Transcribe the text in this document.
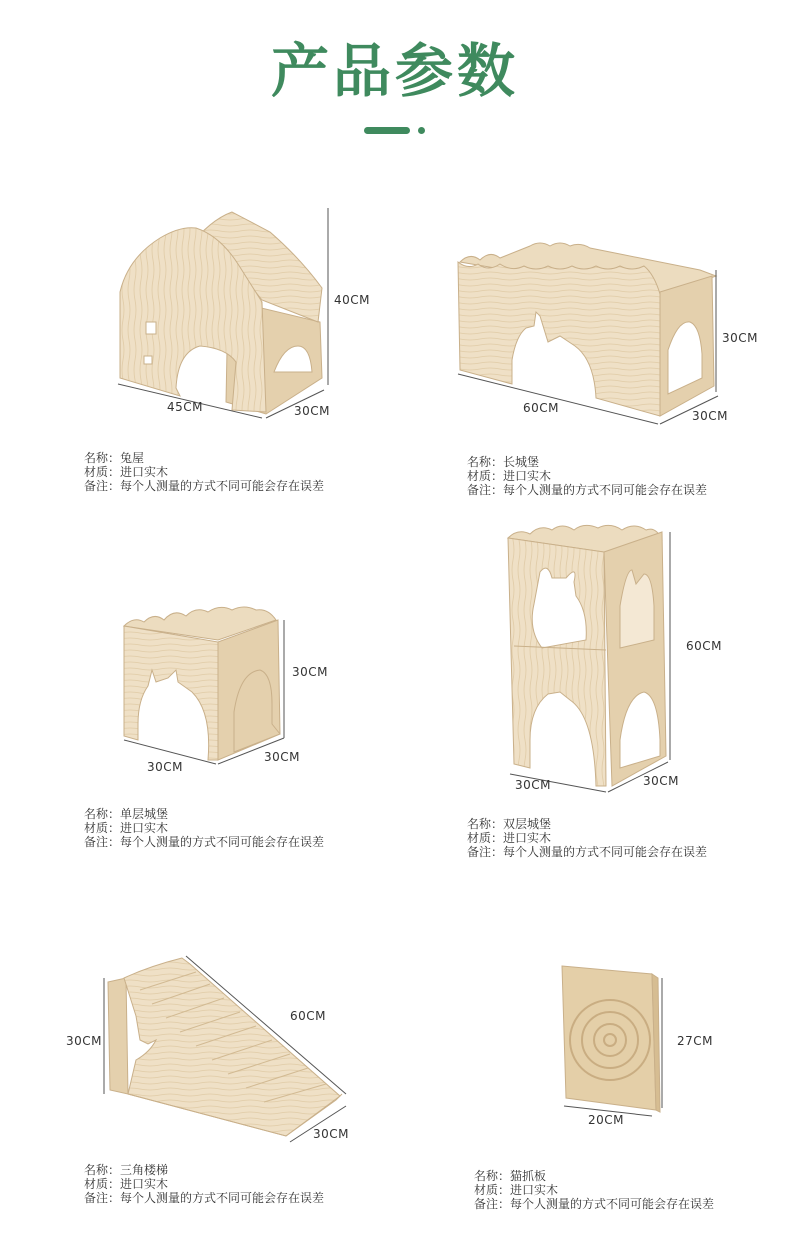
产品参数
40CM
45CM	30CM
名称：兔屋
材质：进口实木
备注：每个人测量的方式不同可能会存在误差
30CM
60CM
30CM
名称：长城堡
材质：进口实木
备注：每个人测量的方式不同可能会存在误差
30CM
30CM
30CM
名称：单层城堡
材质：进口实木
备注：每个人测量的方式不同可能会存在误差
60CM
30CM	30CM
名称：双层城堡
材质：进口实木
备注：每个人测量的方式不同可能会存在误差
30CM
60CM
30CM
名称：三角楼梯
材质：进口实木
备注：每个人测量的方式不同可能会存在误差
27CM
20CM
名称：猫抓板
材质：进口实木
备注：每个人测量的方式不同可能会存在误差
